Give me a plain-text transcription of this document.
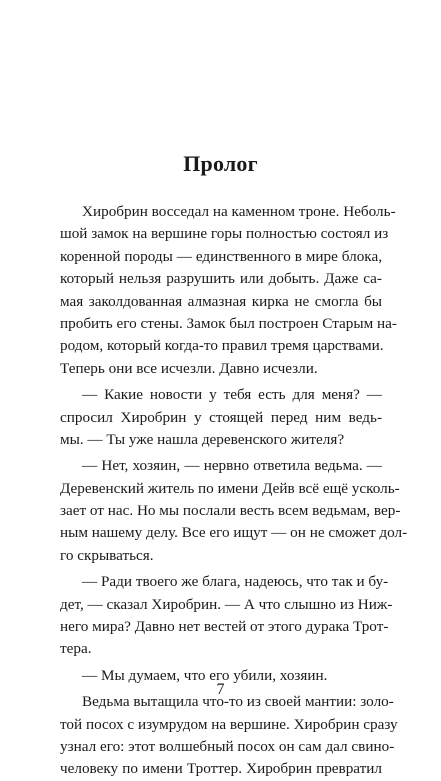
Пролог
Хиробрин восседал на каменном троне. Неболь-
шой замок на вершине горы полностью состоял из
коренной породы — единственного в мире блока,
который нельзя разрушить или добыть. Даже са-
мая заколдованная алмазная кирка не смогла бы
пробить его стены. Замок был построен Старым на-
родом, который когда-то правил тремя царствами.
Теперь они все исчезли. Давно исчезли.
— Какие новости у тебя есть для меня? —
спросил Хиробрин у стоящей перед ним ведь-
мы. — Ты уже нашла деревенского жителя?
— Нет, хозяин, — нервно ответила ведьма. —
Деревенский житель по имени Дейв всё ещё усколь-
зает от нас. Но мы послали весть всем ведьмам, вер-
ным нашему делу. Все его ищут — он не сможет дол-
го скрываться.
— Ради твоего же блага, надеюсь, что так и бу-
дет, — сказал Хиробрин. — А что слышно из Ниж-
него мира? Давно нет вестей от этого дурака Трот-
тера.
— Мы думаем, что его убили, хозяин.
Ведьма вытащила что-то из своей мантии: золо-
той посох с изумрудом на вершине. Хиробрин сразу
узнал его: этот волшебный посох он сам дал свино-
человеку по имени Троттер. Хиробрин превратил
7
